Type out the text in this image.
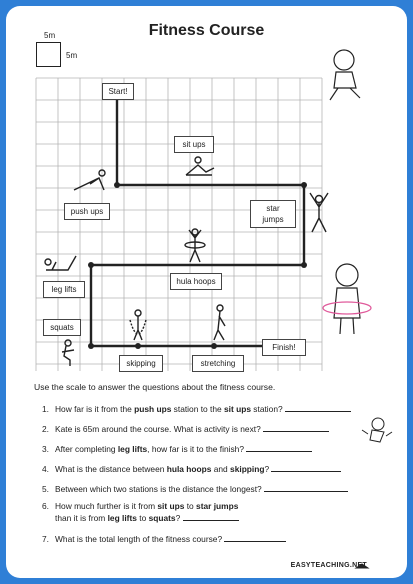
Fitness Course
5m
5m
Start!
sit ups
push ups	star
jumps
hula hoops
leg lifts
squats
skipping	stretching
Finish!
Use the scale to answer the questions about the fitness course.
1. How far is it from the push ups station to the sit ups station?
2. Kate is 65m around the course. What is activity is next?
3. After completing leg lifts, how far is it to the finish?
4. What is the distance between hula hoops and skipping?
5. Between which two stations is the distance the longest?
6. How much further is it from sit ups to star jumps
than it is from leg lifts to squats?
7. What is the total length of the fitness course?
EASYTEACHING.NET
